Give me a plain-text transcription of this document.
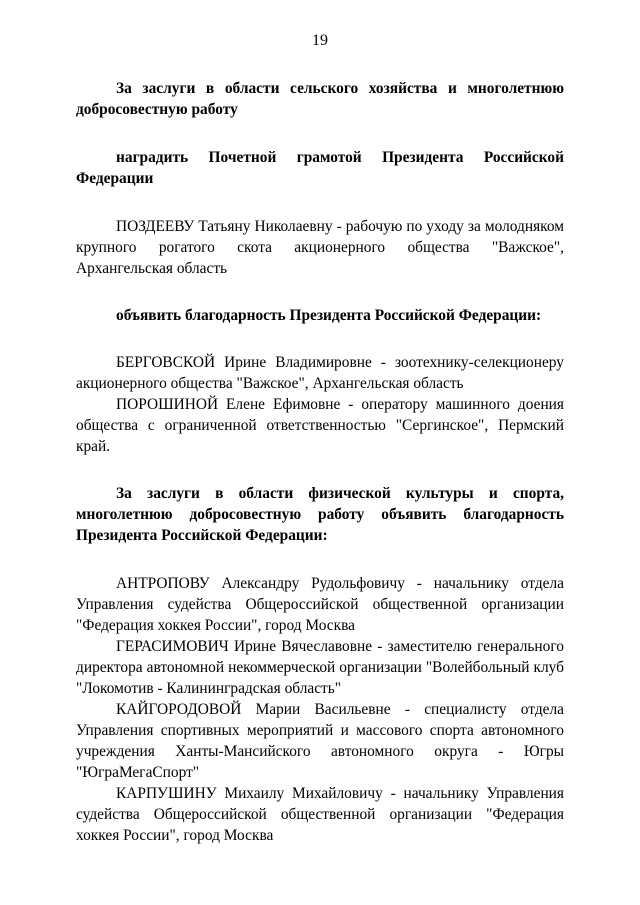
19

За заслуги в области сельского хозяйства и многолетнюю добросовестную работу

наградить Почетной грамотой Президента Российской Федерации

ПОЗДЕЕВУ Татьяну Николаевну - рабочую по уходу за молодняком крупного рогатого скота акционерного общества "Важское", Архангельская область

объявить благодарность Президента Российской Федерации:

БЕРГОВСКОЙ Ирине Владимировне - зоотехнику-селекционеру акционерного общества "Важское", Архангельская область

ПОРОШИНОЙ Елене Ефимовне - оператору машинного доения общества с ограниченной ответственностью "Сергинское", Пермский край.

За заслуги в области физической культуры и спорта, многолетнюю добросовестную работу объявить благодарность Президента Российской Федерации:

АНТРОПОВУ Александру Рудольфовичу - начальнику отдела Управления судейства Общероссийской общественной организации "Федерация хоккея России", город Москва

ГЕРАСИМОВИЧ Ирине Вячеславовне - заместителю генерального директора автономной некоммерческой организации "Волейбольный клуб "Локомотив - Калининградская область"

КАЙГОРОДОВОЙ Марии Васильевне - специалисту отдела Управления спортивных мероприятий и массового спорта автономного учреждения Ханты-Мансийского автономного округа - Югры "ЮграМегаСпорт"

КАРПУШИНУ Михаилу Михайловичу - начальнику Управления судейства Общероссийской общественной организации "Федерация хоккея России", город Москва
